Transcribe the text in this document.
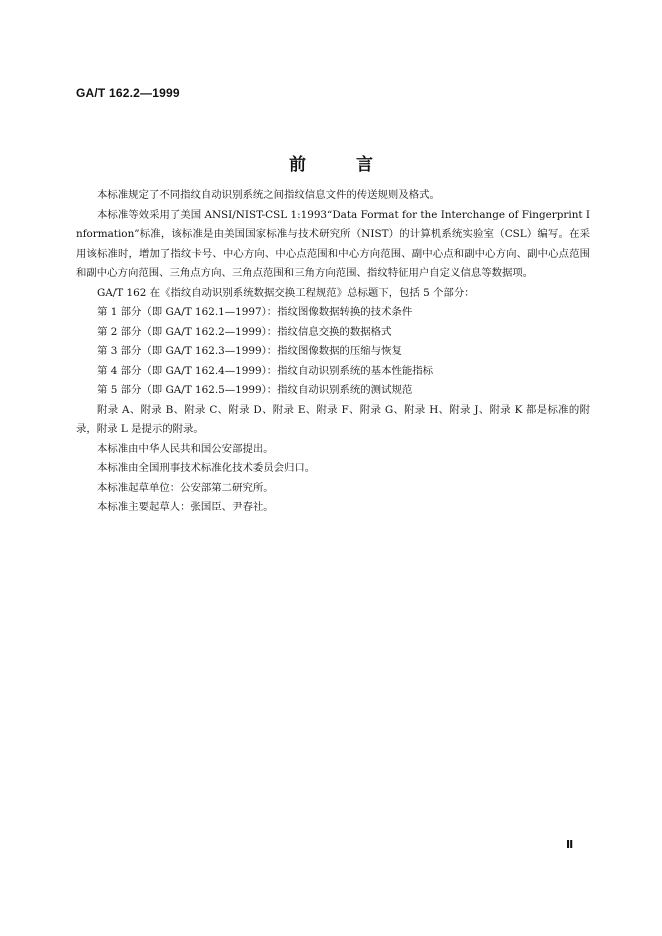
GA/T 162.2—1999
前言

本标准规定了不同指纹自动识别系统之间指纹信息文件的传送规则及格式。

本标准等效采用了美国 ANSI/NIST-CSL 1:1993“Data Format for the Interchange of Fingerprint Information”标准，该标准是由美国国家标准与技术研究所（NIST）的计算机系统实验室（CSL）编写。在采用该标准时，增加了指纹卡号、中心方向、中心点范围和中心方向范围、副中心点和副中心方向、副中心点范围和副中心方向范围、三角点方向、三角点范围和三角方向范围、指纹特征用户自定义信息等数据项。

GA/T 162 在《指纹自动识别系统数据交换工程规范》总标题下，包括 5 个部分：

第 1 部分（即 GA/T 162.1—1997）：指纹图像数据转换的技术条件

第 2 部分（即 GA/T 162.2—1999）：指纹信息交换的数据格式

第 3 部分（即 GA/T 162.3—1999）：指纹图像数据的压缩与恢复

第 4 部分（即 GA/T 162.4—1999）：指纹自动识别系统的基本性能指标

第 5 部分（即 GA/T 162.5—1999）：指纹自动识别系统的测试规范

附录 A、附录 B、附录 C、附录 D、附录 E、附录 F、附录 G、附录 H、附录 J、附录 K 都是标准的附录，附录 L 是提示的附录。

本标准由中华人民共和国公安部提出。

本标准由全国刑事技术标准化技术委员会归口。

本标准起草单位：公安部第二研究所。

本标准主要起草人：张国臣、尹春社。

Ⅱ
